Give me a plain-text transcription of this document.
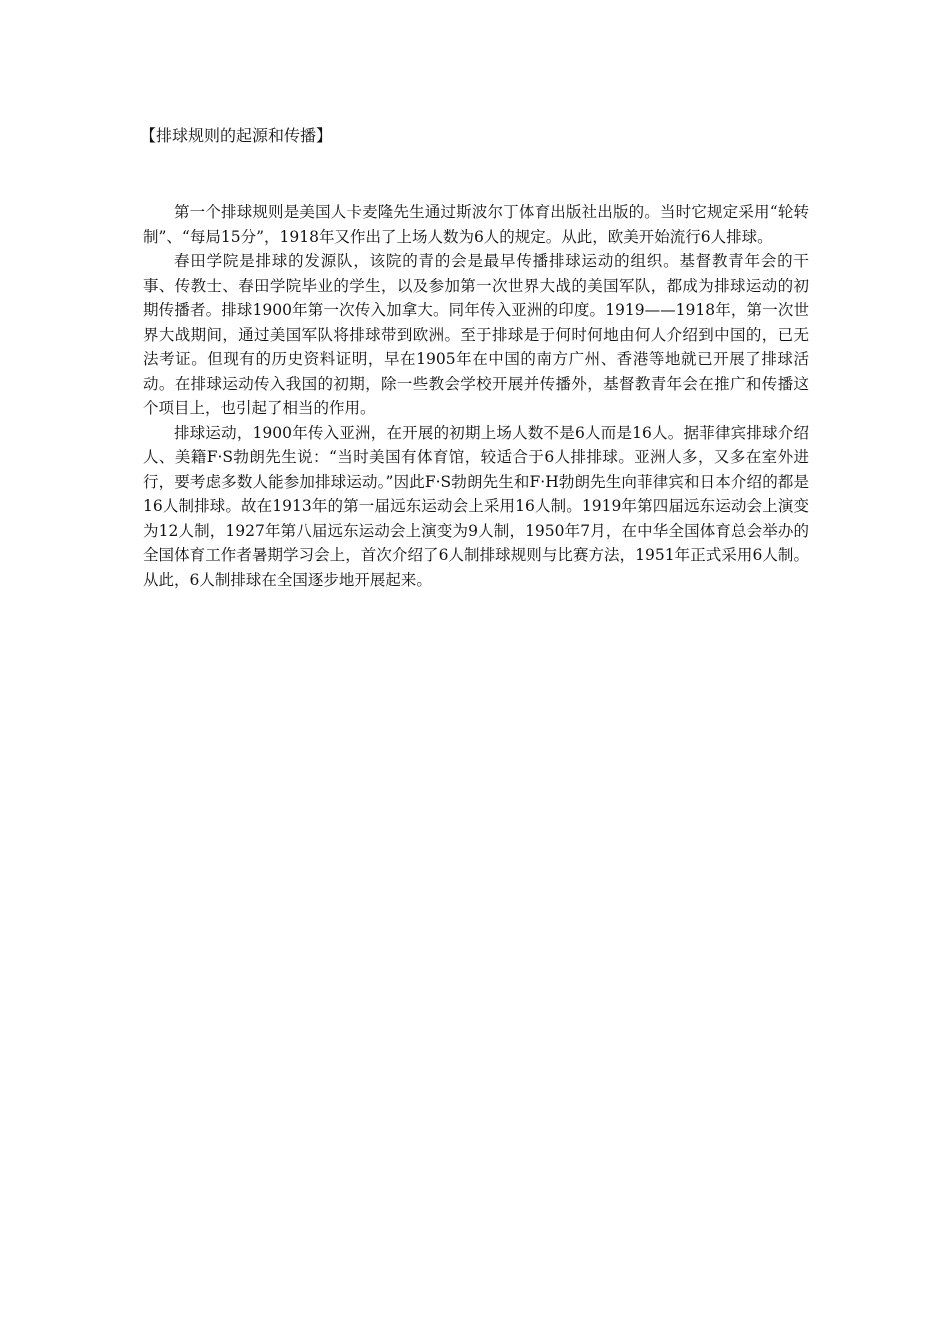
【排球规则的起源和传播】

第一个排球规则是美国人卡麦隆先生通过斯波尔丁体育出版社出版的。当时它规定采用“轮转制”、“每局15分”，1918年又作出了上场人数为6人的规定。从此，欧美开始流行6人排球。

春田学院是排球的发源队，该院的青的会是最早传播排球运动的组织。基督教青年会的干事、传教士、春田学院毕业的学生，以及参加第一次世界大战的美国军队，都成为排球运动的初期传播者。排球1900年第一次传入加拿大。同年传入亚洲的印度。1919——1918年，第一次世界大战期间，通过美国军队将排球带到欧洲。至于排球是于何时何地由何人介绍到中国的，已无法考证。但现有的历史资料证明，早在1905年在中国的南方广州、香港等地就已开展了排球活动。在排球运动传入我国的初期，除一些教会学校开展并传播外，基督教青年会在推广和传播这个项目上，也引起了相当的作用。

排球运动，1900年传入亚洲，在开展的初期上场人数不是6人而是16人。据菲律宾排球介绍人、美籍F·S勃朗先生说：“当时美国有体育馆，较适合于6人排排球。亚洲人多，又多在室外进行，要考虑多数人能参加排球运动。”因此F·S勃朗先生和F·H勃朗先生向菲律宾和日本介绍的都是16人制排球。故在1913年的第一届远东运动会上采用16人制。1919年第四届远东运动会上演变为12人制，1927年第八届远东运动会上演变为9人制，1950年7月，在中华全国体育总会举办的全国体育工作者暑期学习会上，首次介绍了6人制排球规则与比赛方法，1951年正式采用6人制。从此，6人制排球在全国逐步地开展起来。
